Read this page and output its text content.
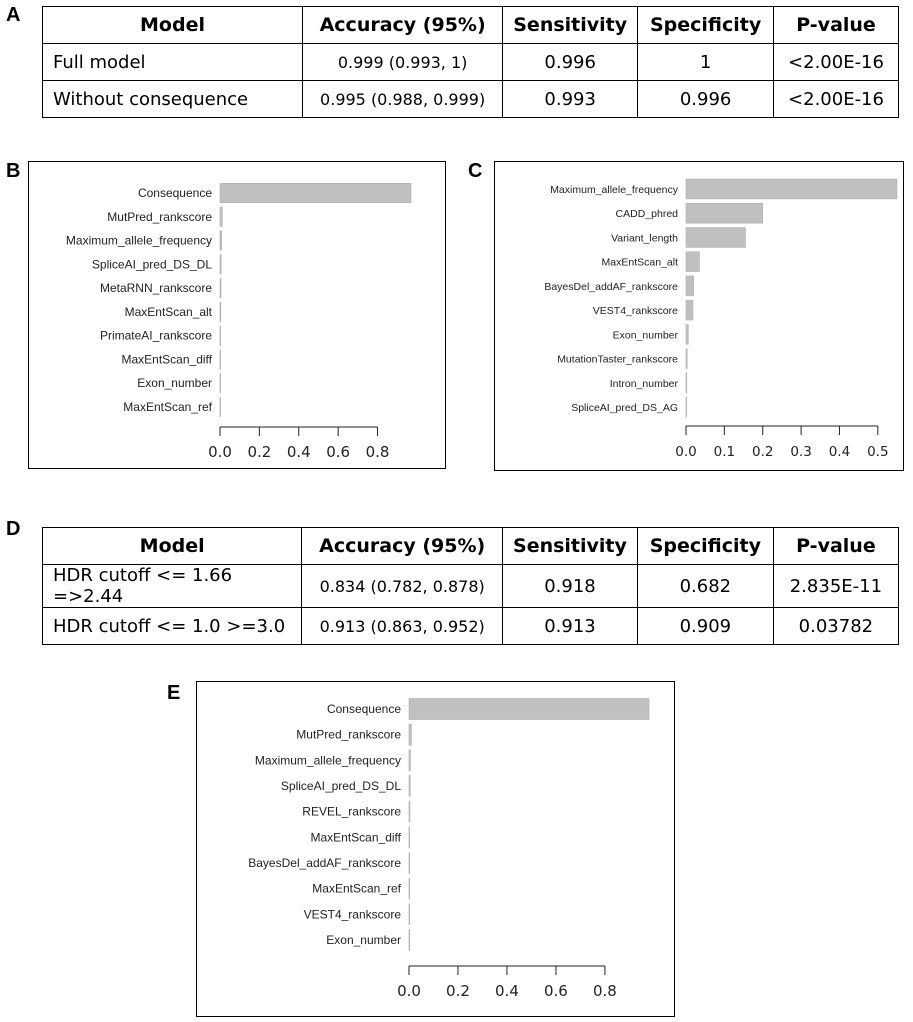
A	Model	Accuracy (95%)	Sensitivity	Specificity	P-value
Full model	0.999 (0.993, 1)	0.996	1	<2.00E-16
Without consequence	0.995 (0.988, 0.999)	0.993	0.996	<2.00E-16
B
Consequence
MutPred_rankscore
Maximum_allele_frequency
SpliceAI_pred_DS_DL
MetaRNN_rankscore
MaxEntScan_alt
PrimateAI_rankscore
MaxEntScan_diff
Exon_number
MaxEntScan_ref
0.0 0.2 0.4 0.6 0.8
C
Maximum_allele_frequency
CADD_phred
Variant_length
MaxEntScan_alt
BayesDel_addAF_rankscore
VEST4_rankscore
Exon_number
MutationTaster_rankscore
Intron_number
SpliceAI_pred_DS_AG
0.0 0.1 0.2 0.3 0.4 0.5
D
Model	Accuracy (95%)	Sensitivity	Specificity	P-value
HDR cutoff <= 1.66 =>2.44	0.834 (0.782, 0.878)	0.918	0.682	2.835E-11
HDR cutoff <= 1.0 >=3.0	0.913 (0.863, 0.952)	0.913	0.909	0.03782
E
Consequence
MutPred_rankscore
Maximum_allele_frequency
SpliceAI_pred_DS_DL
REVEL_rankscore
MaxEntScan_diff
BayesDel_addAF_rankscore
MaxEntScan_ref
VEST4_rankscore
Exon_number
0.0 0.2 0.4 0.6 0.8
